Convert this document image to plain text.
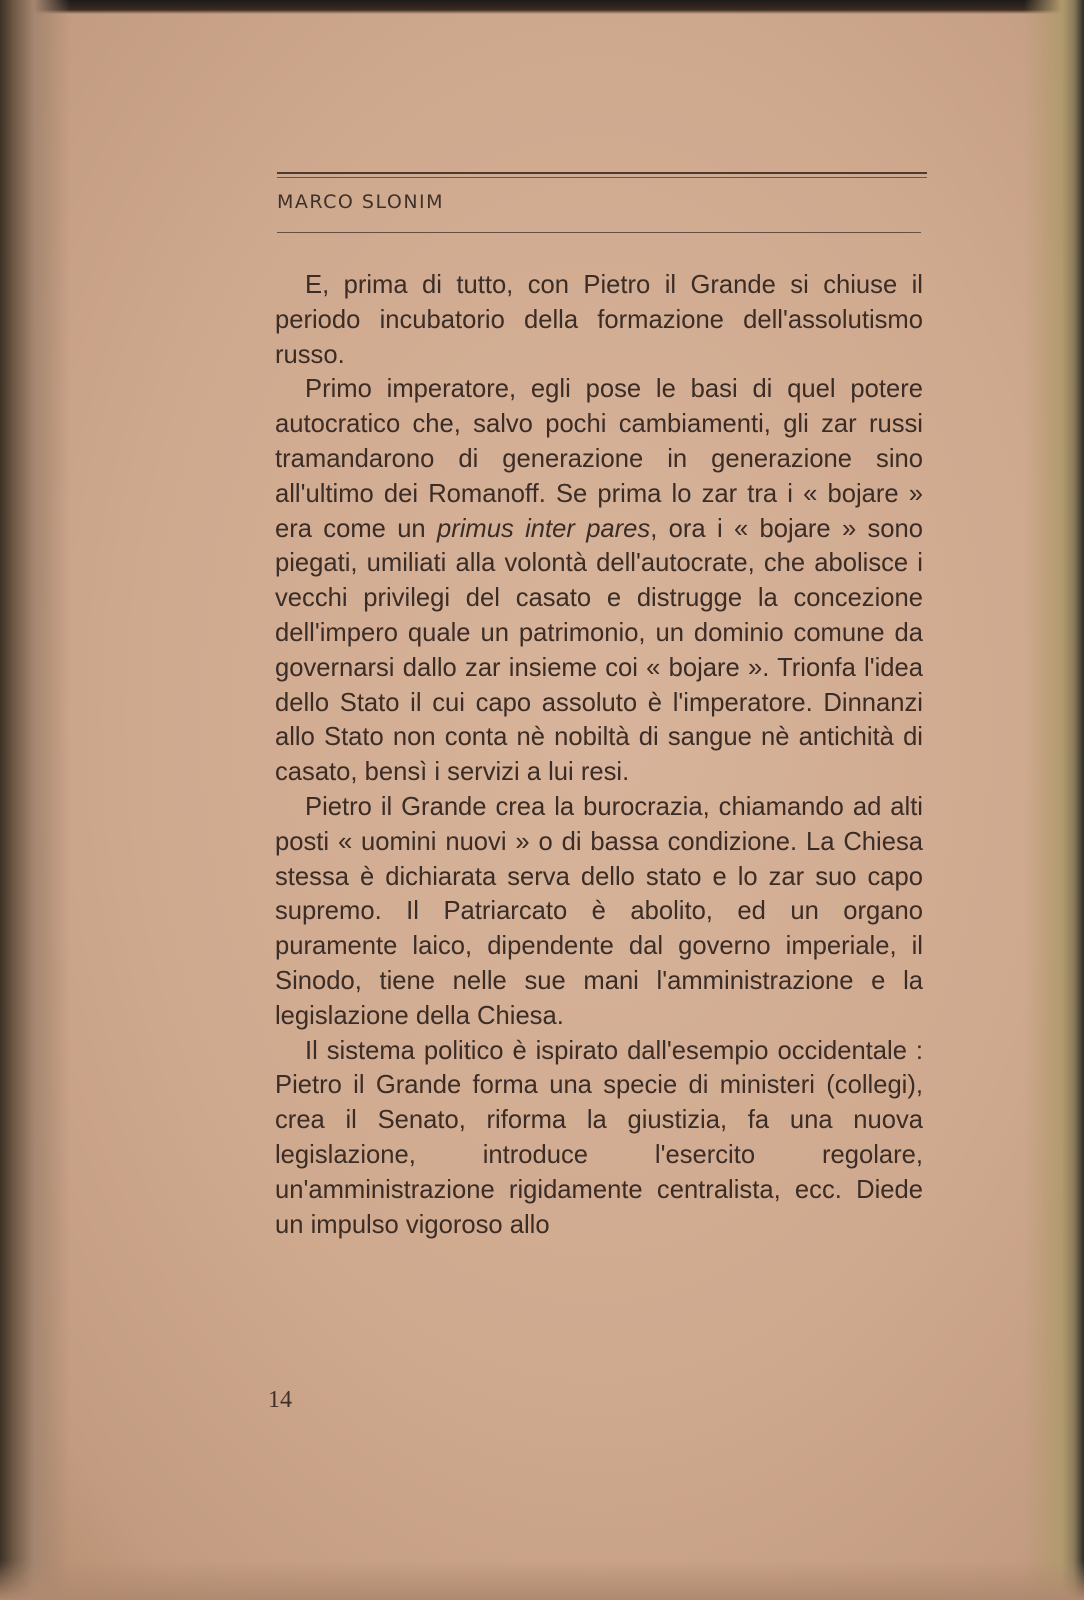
MARCO SLONIM

E, prima di tutto, con Pietro il Grande si chiuse il periodo incubatorio della formazione dell'assolutismo russo.

Primo imperatore, egli pose le basi di quel potere autocratico che, salvo pochi cambiamenti, gli zar russi tramandarono di generazione in generazione sino all'ultimo dei Romanoff. Se prima lo zar tra i « bojare » era come un primus inter pares, ora i « bojare » sono piegati, umiliati alla volontà dell'autocrate, che abolisce i vecchi privilegi del casato e distrugge la concezione dell'impero quale un patrimonio, un dominio comune da governarsi dallo zar insieme coi « bojare ». Trionfa l'idea dello Stato il cui capo assoluto è l'imperatore. Dinnanzi allo Stato non conta nè nobiltà di sangue nè antichità di casato, bensì i servizi a lui resi.

Pietro il Grande crea la burocrazia, chiamando ad alti posti « uomini nuovi » o di bassa condizione. La Chiesa stessa è dichiarata serva dello stato e lo zar suo capo supremo. Il Patriarcato è abolito, ed un organo puramente laico, dipendente dal governo imperiale, il Sinodo, tiene nelle sue mani l'amministrazione e la legislazione della Chiesa.

Il sistema politico è ispirato dall'esempio occidentale : Pietro il Grande forma una specie di ministeri (collegi), crea il Senato, riforma la giustizia, fa una nuova legislazione, introduce l'esercito regolare, un'amministrazione rigidamente centralista, ecc. Diede un impulso vigoroso allo

14
